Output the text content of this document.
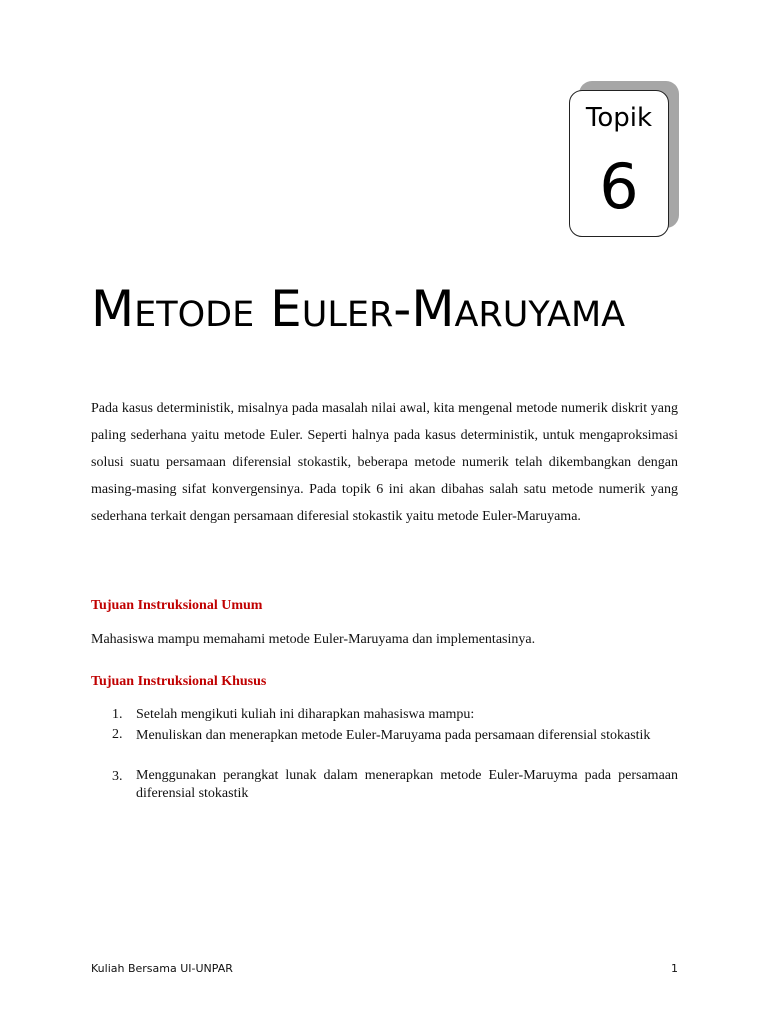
Topik
6
Metode Euler-Maruyama

Pada kasus deterministik, misalnya pada masalah nilai awal, kita mengenal metode numerik diskrit yang paling sederhana yaitu metode Euler. Seperti halnya pada kasus deterministik, untuk mengaproksimasi solusi suatu persamaan diferensial stokastik, beberapa metode numerik telah dikembangkan dengan masing-masing sifat konvergensinya. Pada topik 6 ini akan dibahas salah satu metode numerik yang sederhana terkait dengan persamaan diferesial stokastik yaitu metode Euler-Maruyama.

Tujuan Instruksional Umum

Mahasiswa mampu memahami metode Euler-Maruyama dan implementasinya.

Tujuan Instruksional Khusus
1. Setelah mengikuti kuliah ini diharapkan mahasiswa mampu:
2. Menuliskan dan menerapkan metode Euler-Maruyama pada persamaan diferensial stokastik
3. Menggunakan perangkat lunak dalam menerapkan metode Euler-Maruyma pada persamaan diferensial stokastik
Kuliah Bersama UI-UNPAR	1
